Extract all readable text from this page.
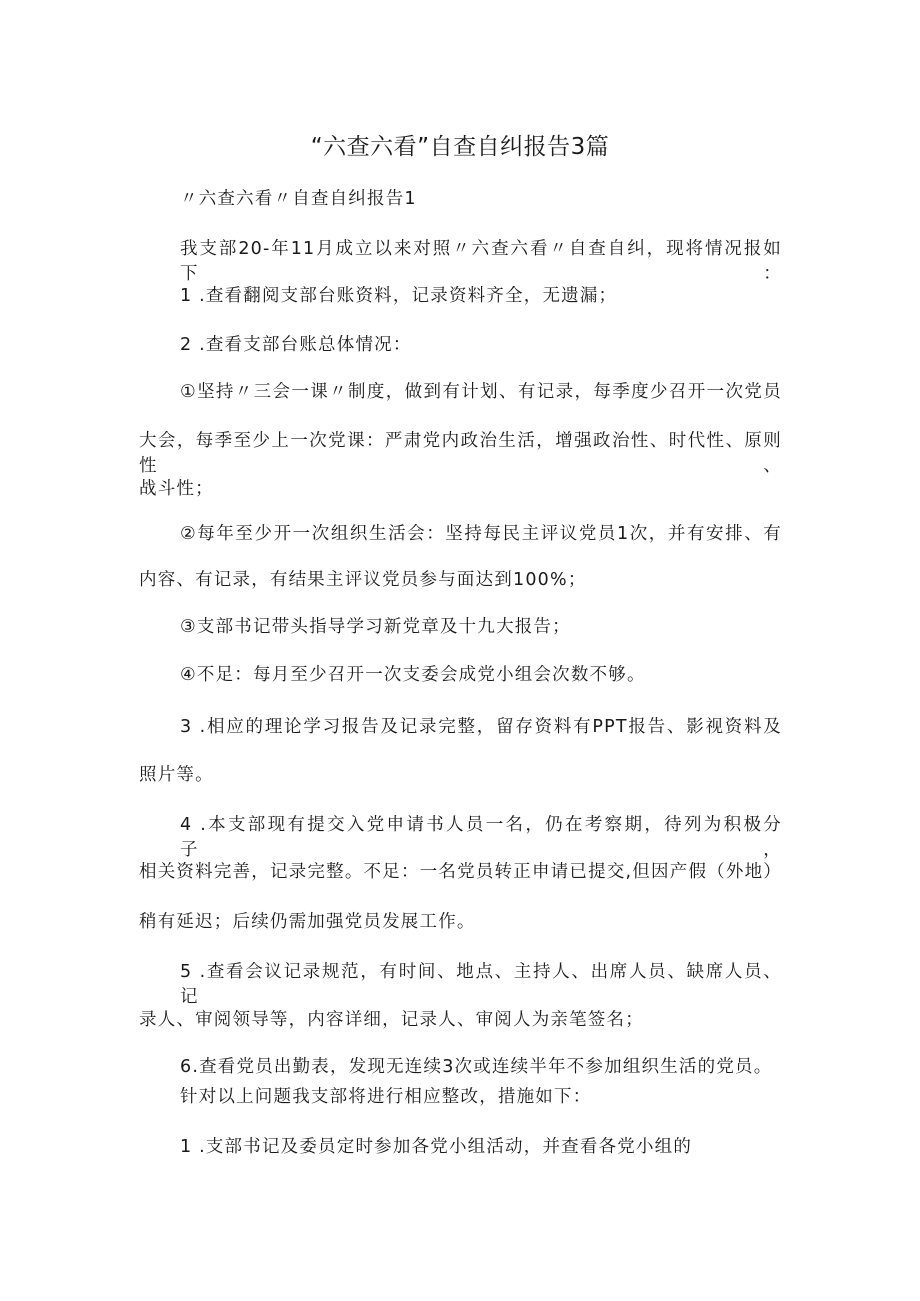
“六查六看”自查自纠报告3篇

〃六查六看〃自查自纠报告1

我支部20-年11月成立以来对照〃六查六看〃自查自纠，现将情况报如下：

1 .查看翻阅支部台账资料，记录资料齐全，无遗漏；

2 .查看支部台账总体情况：

①坚持〃三会一课〃制度，做到有计划、有记录，每季度少召开一次党员

大会，每季至少上一次党课：严肃党内政治生活，增强政治性、时代性、原则性、

战斗性；

②每年至少开一次组织生活会：坚持每民主评议党员1次，并有安排、有

内容、有记录，有结果主评议党员参与面达到100%；

③支部书记带头指导学习新党章及十九大报告；

④不足：每月至少召开一次支委会成党小组会次数不够。

3 .相应的理论学习报告及记录完整，留存资料有PPT报告、影视资料及

照片等。

4 .本支部现有提交入党申请书人员一名，仍在考察期，待列为积极分子，

相关资料完善，记录完整。不足：一名党员转正申请已提交,但因产假（外地）

稍有延迟；后续仍需加强党员发展工作。

5 .查看会议记录规范，有时间、地点、主持人、出席人员、缺席人员、记

录人、审阅领导等，内容详细，记录人、审阅人为亲笔签名；

6.查看党员出勤表，发现无连续3次或连续半年不参加组织生活的党员。

针对以上问题我支部将进行相应整改，措施如下：

1 .支部书记及委员定时参加各党小组活动，并查看各党小组的
